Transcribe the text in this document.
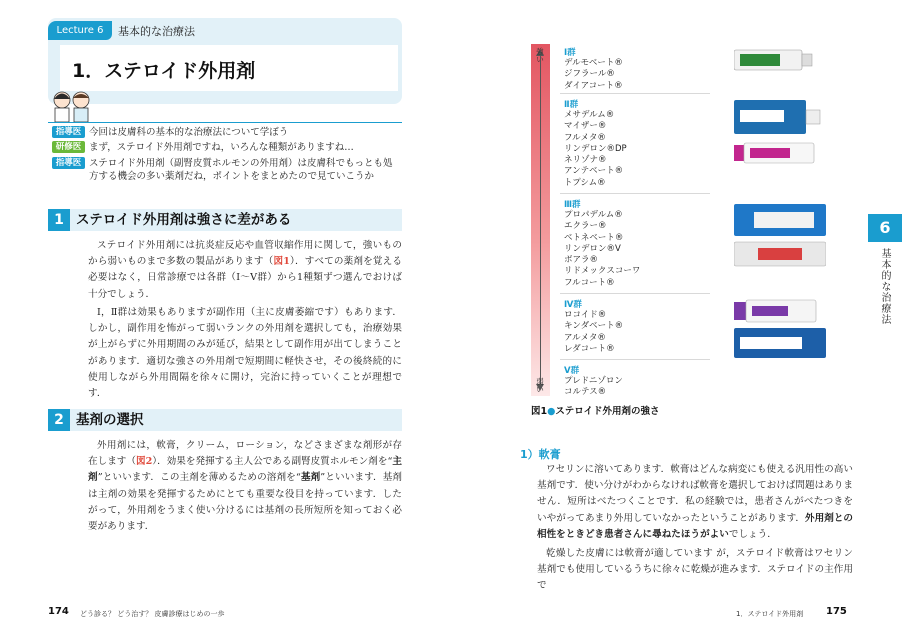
Lecture 6	基本的な治療法
1．ステロイド外用剤
指導医 今回は皮膚科の基本的な治療法について学ぼう
研修医 まず，ステロイド外用剤ですね，いろんな種類がありますね…
指導医 ステロイド外用剤（副腎皮質ホルモンの外用剤）は皮膚科でもっとも処方する機会の多い薬剤だね，ポイントをまとめたので見ていこうか
1 ステロイド外用剤は強さに差がある
ステロイド外用剤には抗炎症反応や血管収縮作用に関して，強いものから弱いものまで多数の製品があります（図1）．すべての薬剤を覚える必要はなく，日常診療では各群（Ⅰ～Ⅴ群）から1種類ずつ選んでおけば十分でしょう．
Ⅰ，Ⅱ群は効果もありますが副作用（主に皮膚萎縮です）もあります．しかし，副作用を怖がって弱いランクの外用剤を選択しても，治療効果が上がらずに外用期間のみが延び，結果として副作用が出てしまうことがあります．適切な強さの外用剤で短期間に軽快させ，その後終続的に使用しながら外用間隔を徐々に開け，完治に持っていくことが理想です．
2 基剤の選択
外用剤には，軟膏，クリーム，ローション，などさまざまな剤形が存在します（図2）．効果を発揮する主人公である副腎皮質ホルモン剤を“主剤”といいます．この主剤を薄めるための溶剤を“基剤”といいます．基剤は主剤の効果を発揮するためにとても重要な役目を持っています．したがって，外用剤をうまく使い分けるには基剤の長所短所を知っておく必要があります．
174 どう診る？ どう治す？ 皮膚診療はじめの一歩
強い
弱い
Ⅰ群
デルモベート®
ジフラール®
ダイアコート®
Ⅱ群
メサデルム®
マイザー®
フルメタ®
リンデロン®DP
ネリゾナ®
アンテベート®
トプシム®
Ⅲ群
プロパデルム®
エクラー®
ベトネベート®
リンデロン®V
ボアラ®
リドメックスコーワ
フルコート®
Ⅳ群
ロコイド®
キンダベート®
アルメタ®
レダコート®
Ⅴ群
プレドニゾロン
コルテス®
図1●ステロイド外用剤の強さ
1）軟膏
ワセリンに溶いてあります．軟膏はどんな病変にも使える汎用性の高い基剤です．使い分けがわからなければ軟膏を選択しておけば問題はありません．短所はべたつくことです．私の経験では，患者さんがべたつきをいやがってあまり外用していなかったということがあります．外用剤との相性をときどき患者さんに尋ねたほうがよいでしょう．
乾燥した皮膚には軟膏が適しています が，ステロイド軟膏はワセリン基剤でも使用しているうちに徐々に乾燥が進みます．ステロイドの主作用で
6
基本的な治療法
1．ステロイド外用剤 175
